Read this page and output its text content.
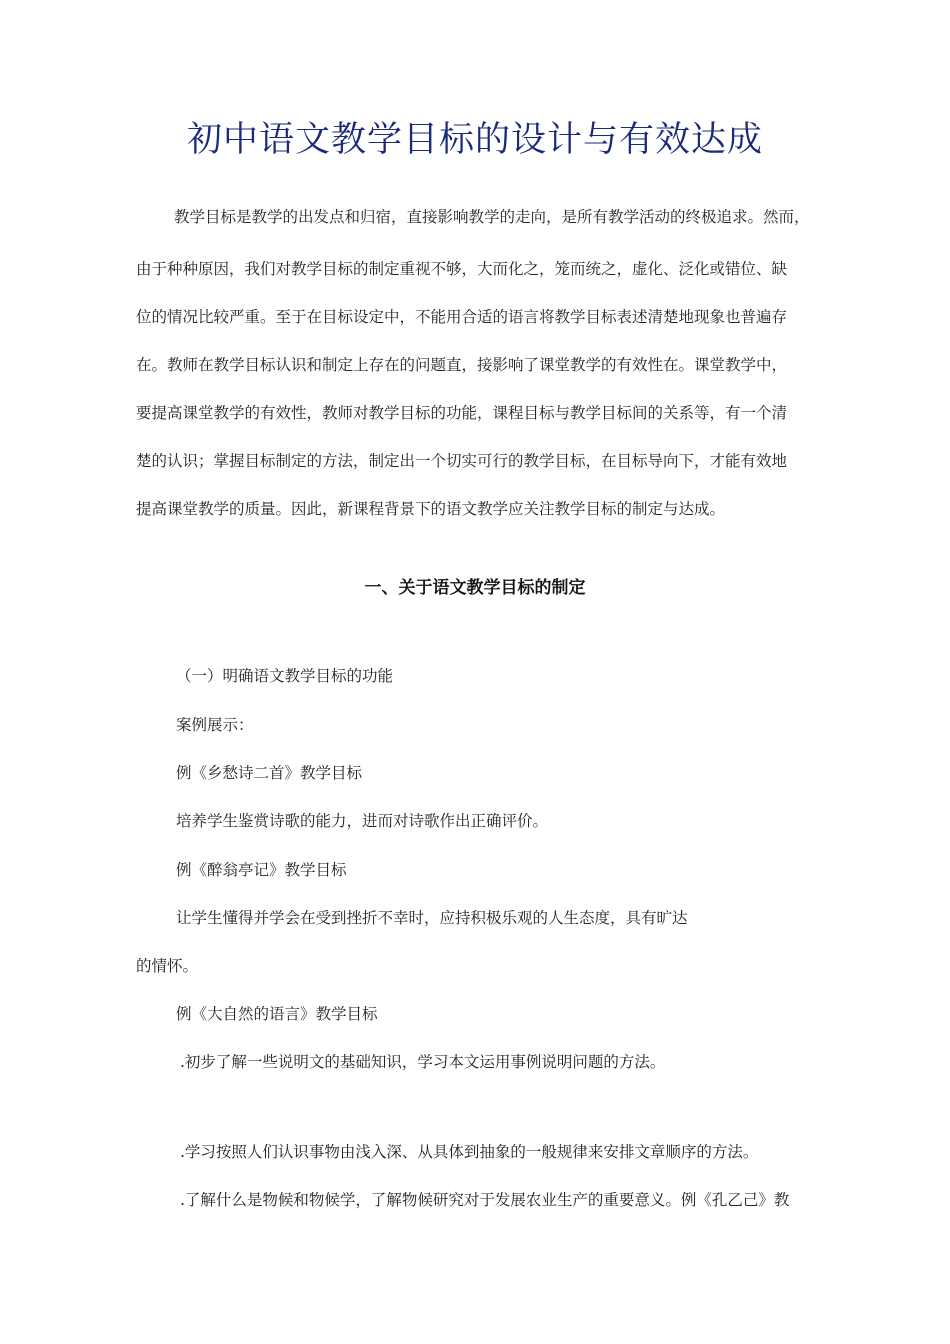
初中语文教学目标的设计与有效达成
教学目标是教学的出发点和归宿，直接影响教学的走向，是所有教学活动的终极追求。然而，
由于种种原因，我们对教学目标的制定重视不够，大而化之，笼而统之，虚化、泛化或错位、缺
位的情况比较严重。至于在目标设定中，不能用合适的语言将教学目标表述清楚地现象也普遍存
在。教师在教学目标认识和制定上存在的问题直，接影响了课堂教学的有效性在。课堂教学中，
要提高课堂教学的有效性，教师对教学目标的功能，课程目标与教学目标间的关系等，有一个清
楚的认识；掌握目标制定的方法，制定出一个切实可行的教学目标，在目标导向下，才能有效地
提高课堂教学的质量。因此，新课程背景下的语文教学应关注教学目标的制定与达成。
一、关于语文教学目标的制定
（一）明确语文教学目标的功能
案例展示：
例《乡愁诗二首》教学目标
培养学生鉴赏诗歌的能力，进而对诗歌作出正确评价。
例《醉翁亭记》教学目标
让学生懂得并学会在受到挫折不幸时，应持积极乐观的人生态度，具有旷达
的情怀。
例《大自然的语言》教学目标
.初步了解一些说明文的基础知识，学习本文运用事例说明问题的方法。
.学习按照人们认识事物由浅入深、从具体到抽象的一般规律来安排文章顺序的方法。
.了解什么是物候和物候学，了解物候研究对于发展农业生产的重要意义。例《孔乙己》教
